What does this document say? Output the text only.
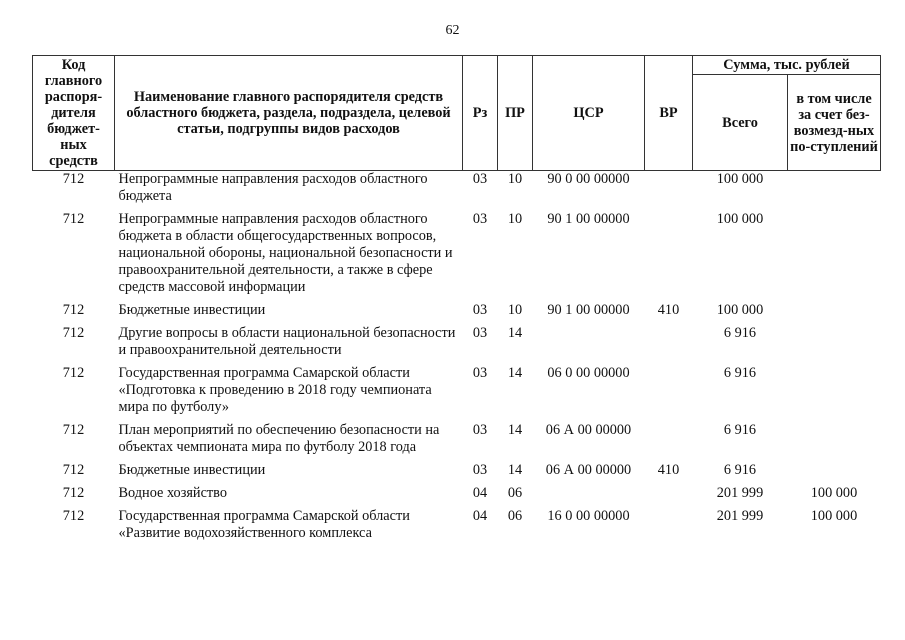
62
Код главного распоря-дителя бюджет-ных средств	Наименование главного распорядителя средств областного бюджета, раздела, подраздела, целевой статьи, подгруппы видов расходов	Рз	ПР	ЦСР	ВР	Сумма, тыс. рублей	
						Всего	в том числе за счет без-возмезд-ных по-ступлений
712	Непрограммные направления расходов областного бюджета	03	10	90 0 00 00000		100 000	
712	Непрограммные направления расходов областного бюджета в области общегосударственных вопросов, национальной обороны, национальной безопасности и правоохранительной деятельности, а также в сфере средств массовой информации	03	10	90 1 00 00000		100 000	
712	Бюджетные инвестиции	03	10	90 1 00 00000	410	100 000	
712	Другие вопросы в области национальной безопасности и правоохранительной деятельности	03	14			6 916	
712	Государственная программа Самарской области «Подготовка к проведению в 2018 году чемпионата мира по футболу»	03	14	06 0 00 00000		6 916	
712	План мероприятий по обеспечению безопасности на объектах чемпионата мира по футболу 2018 года	03	14	06 А 00 00000		6 916	
712	Бюджетные инвестиции	03	14	06 А 00 00000	410	6 916	
712	Водное хозяйство	04	06			201 999	100 000
712	Государственная программа Самарской области «Развитие водохозяйственного комплекса	04	06	16 0 00 00000		201 999	100 000
